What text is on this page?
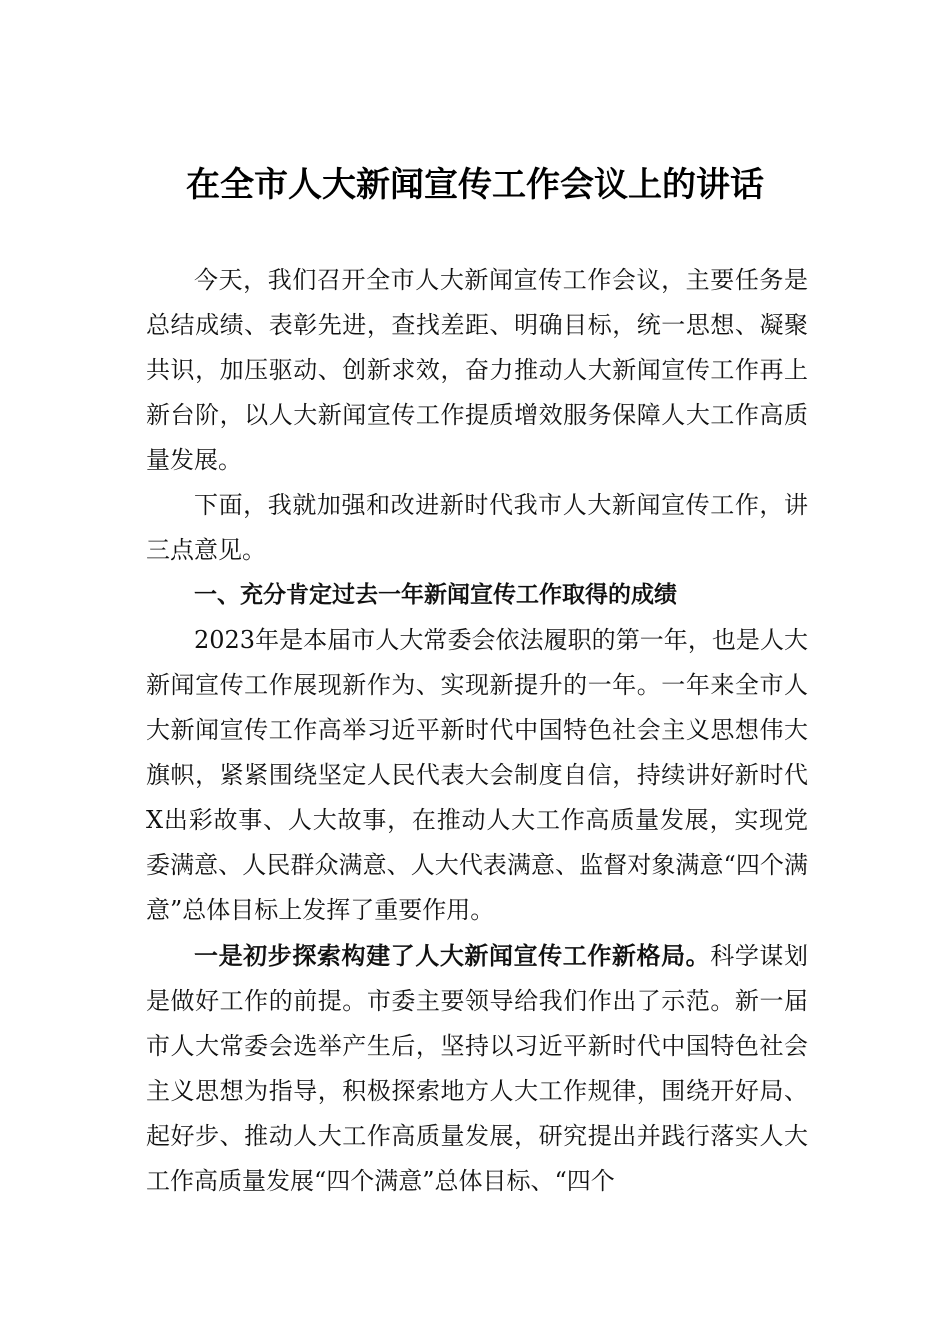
在全市人大新闻宣传工作会议上的讲话

今天，我们召开全市人大新闻宣传工作会议，主要任务是总结成绩、表彰先进，查找差距、明确目标，统一思想、凝聚共识，加压驱动、创新求效，奋力推动人大新闻宣传工作再上新台阶，以人大新闻宣传工作提质增效服务保障人大工作高质量发展。

下面，我就加强和改进新时代我市人大新闻宣传工作，讲三点意见。

一、充分肯定过去一年新闻宣传工作取得的成绩

2023年是本届市人大常委会依法履职的第一年，也是人大新闻宣传工作展现新作为、实现新提升的一年。一年来全市人大新闻宣传工作高举习近平新时代中国特色社会主义思想伟大旗帜，紧紧围绕坚定人民代表大会制度自信，持续讲好新时代X出彩故事、人大故事，在推动人大工作高质量发展，实现党委满意、人民群众满意、人大代表满意、监督对象满意“四个满意”总体目标上发挥了重要作用。

一是初步探索构建了人大新闻宣传工作新格局。科学谋划是做好工作的前提。市委主要领导给我们作出了示范。新一届市人大常委会选举产生后，坚持以习近平新时代中国特色社会主义思想为指导，积极探索地方人大工作规律，围绕开好局、起好步、推动人大工作高质量发展，研究提出并践行落实人大工作高质量发展“四个满意”总体目标、“四个
